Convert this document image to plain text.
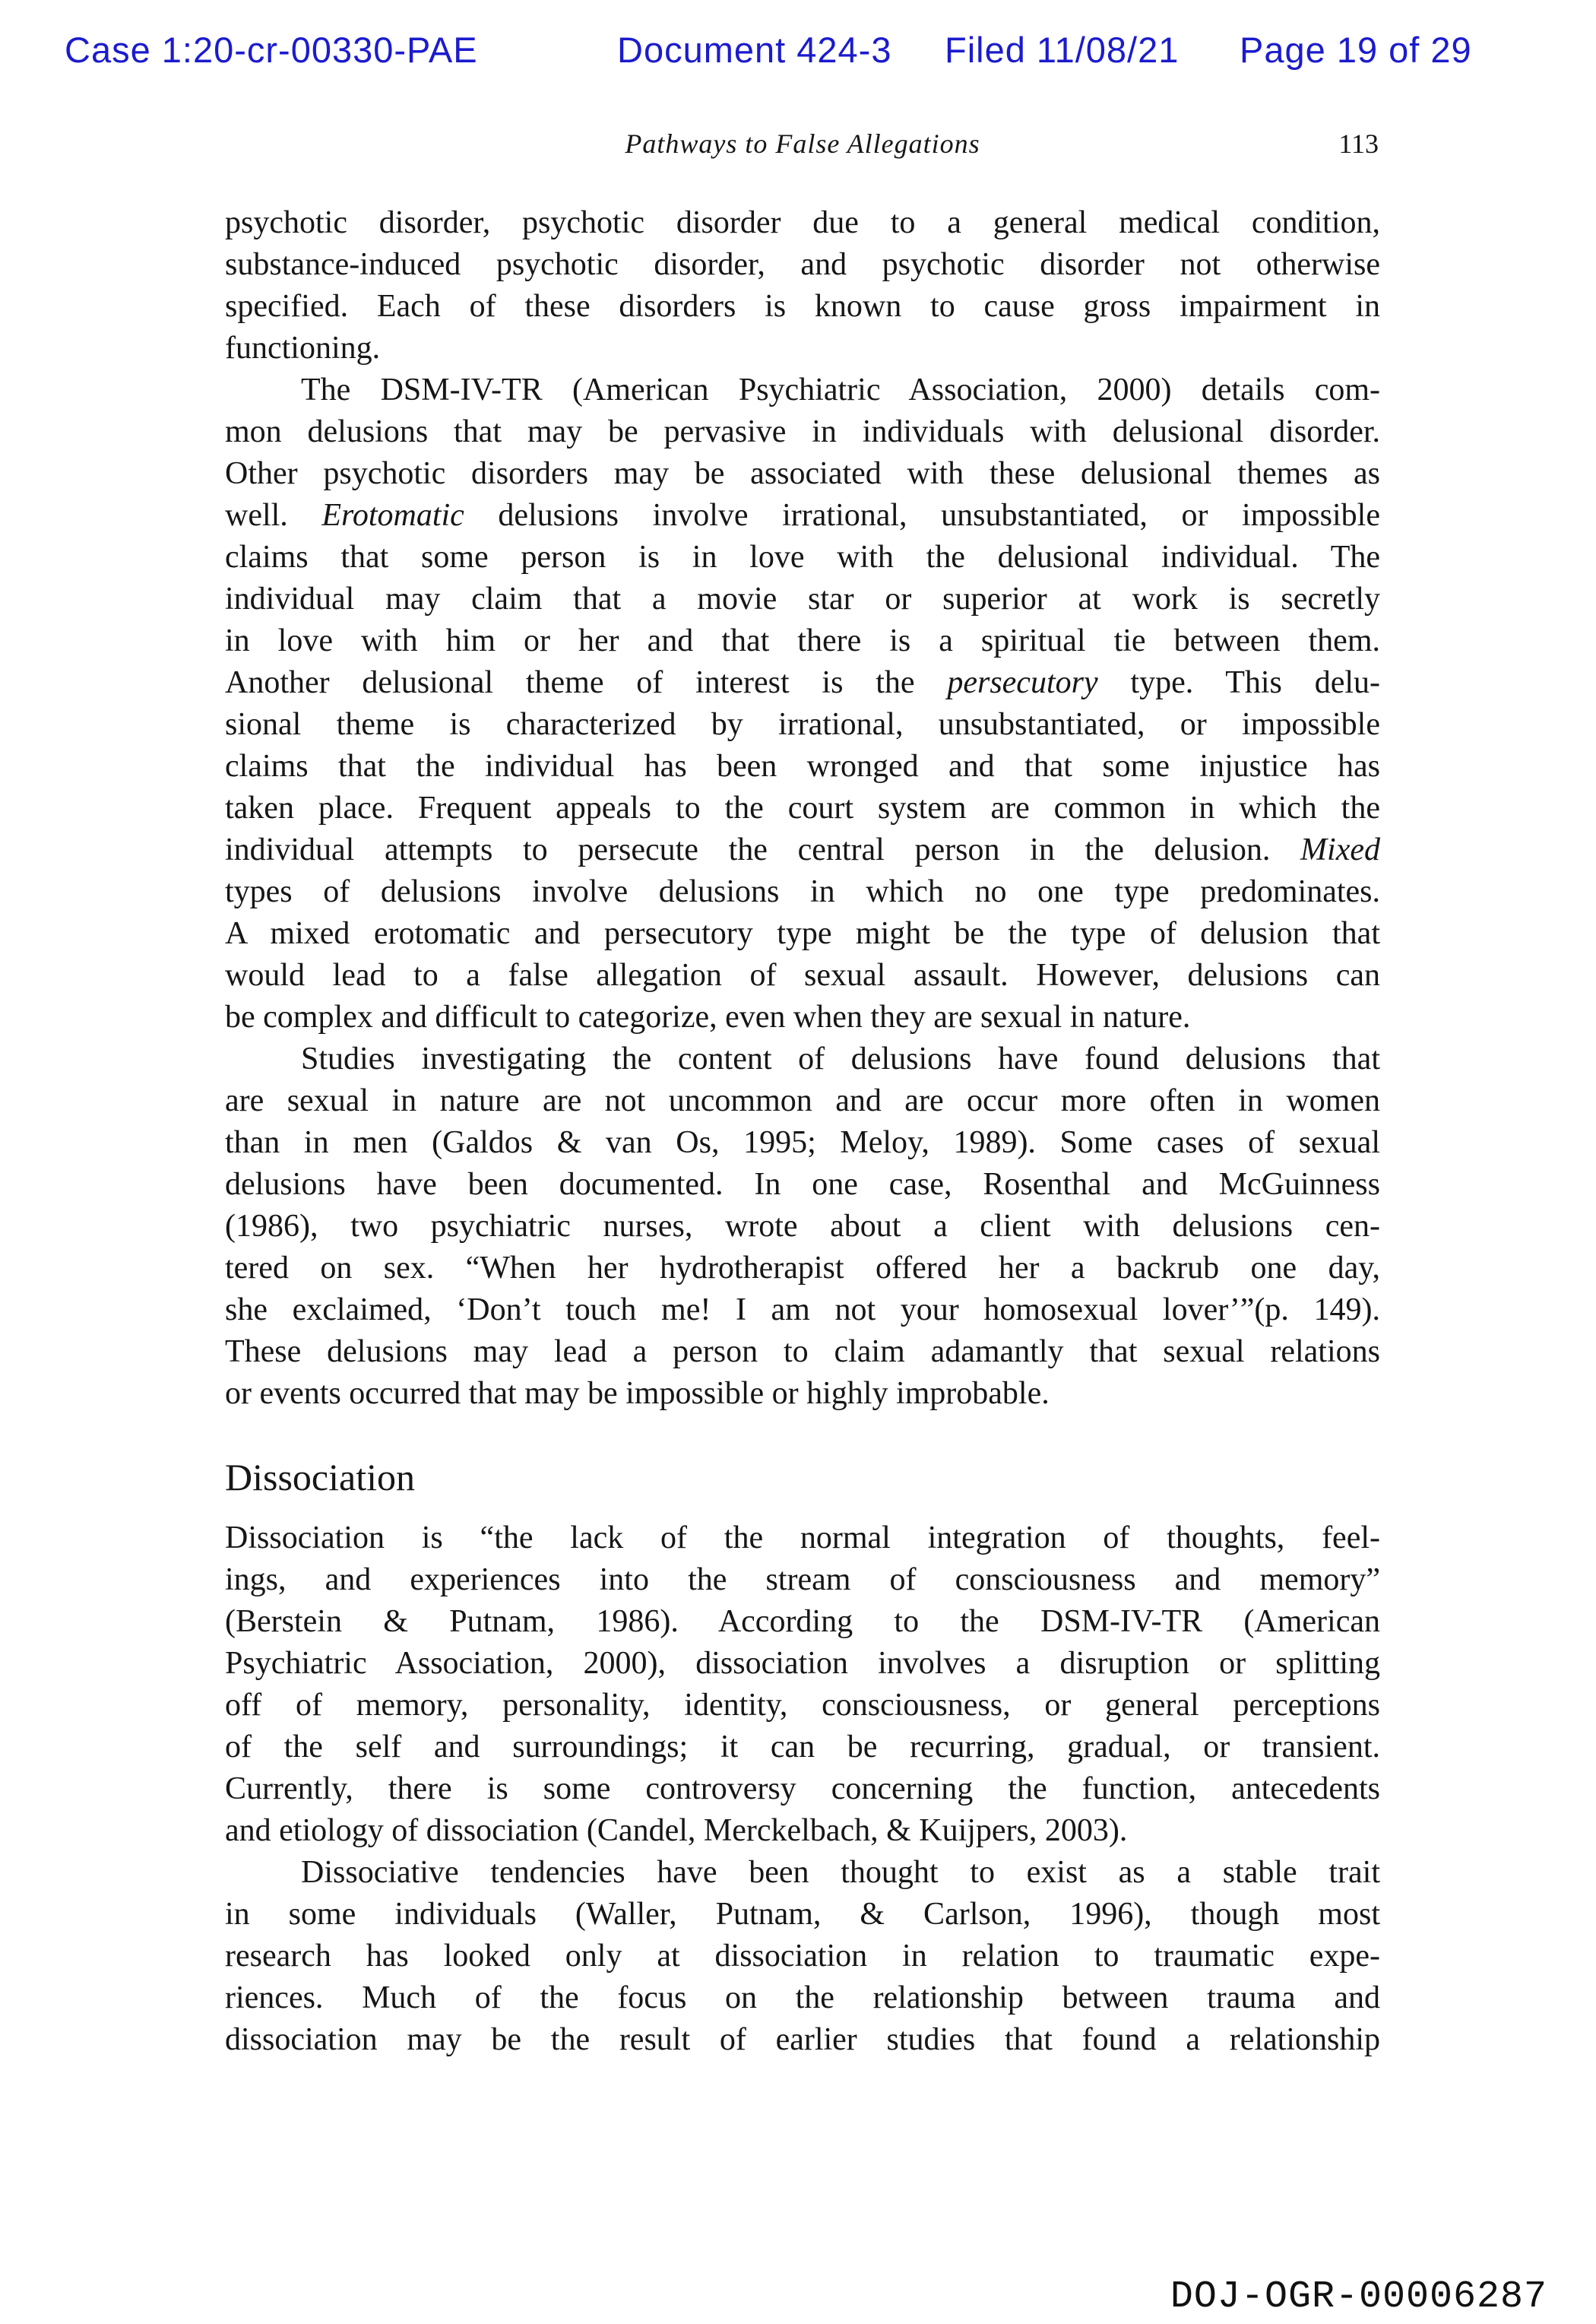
Case 1:20-cr-00330-PAE	Document 424-3 Filed 11/08/21 Page 19 of 29
Pathways to False Allegations	113
psychotic disorder, psychotic disorder due to a general medical condition,
substance-induced psychotic disorder, and psychotic disorder not otherwise
specified. Each of these disorders is known to cause gross impairment in
functioning.
The DSM-IV-TR (American Psychiatric Association, 2000) details com-
mon delusions that may be pervasive in individuals with delusional disorder.
Other psychotic disorders may be associated with these delusional themes as
well. Erotomatic delusions involve irrational, unsubstantiated, or impossible
claims that some person is in love with the delusional individual. The
individual may claim that a movie star or superior at work is secretly
in love with him or her and that there is a spiritual tie between them.
Another delusional theme of interest is the persecutory type. This delu-
sional theme is characterized by irrational, unsubstantiated, or impossible
claims that the individual has been wronged and that some injustice has
taken place. Frequent appeals to the court system are common in which the
individual attempts to persecute the central person in the delusion. Mixed
types of delusions involve delusions in which no one type predominates.
A mixed erotomatic and persecutory type might be the type of delusion that
would lead to a false allegation of sexual assault. However, delusions can
be complex and difficult to categorize, even when they are sexual in nature.
Studies investigating the content of delusions have found delusions that
are sexual in nature are not uncommon and are occur more often in women
than in men (Galdos & van Os, 1995; Meloy, 1989). Some cases of sexual
delusions have been documented. In one case, Rosenthal and McGuinness
(1986), two psychiatric nurses, wrote about a client with delusions cen-
tered on sex. “When her hydrotherapist offered her a backrub one day,
she exclaimed, ‘Don’t touch me! I am not your homosexual lover’”(p. 149).
These delusions may lead a person to claim adamantly that sexual relations
or events occurred that may be impossible or highly improbable.
Dissociation
Dissociation is “the lack of the normal integration of thoughts, feel-
ings, and experiences into the stream of consciousness and memory”
(Berstein & Putnam, 1986). According to the DSM-IV-TR (American
Psychiatric Association, 2000), dissociation involves a disruption or splitting
off of memory, personality, identity, consciousness, or general perceptions
of the self and surroundings; it can be recurring, gradual, or transient.
Currently, there is some controversy concerning the function, antecedents
and etiology of dissociation (Candel, Merckelbach, & Kuijpers, 2003).
Dissociative tendencies have been thought to exist as a stable trait
in some individuals (Waller, Putnam, & Carlson, 1996), though most
research has looked only at dissociation in relation to traumatic expe-
riences. Much of the focus on the relationship between trauma and
dissociation may be the result of earlier studies that found a relationship
DOJ-OGR-00006287
